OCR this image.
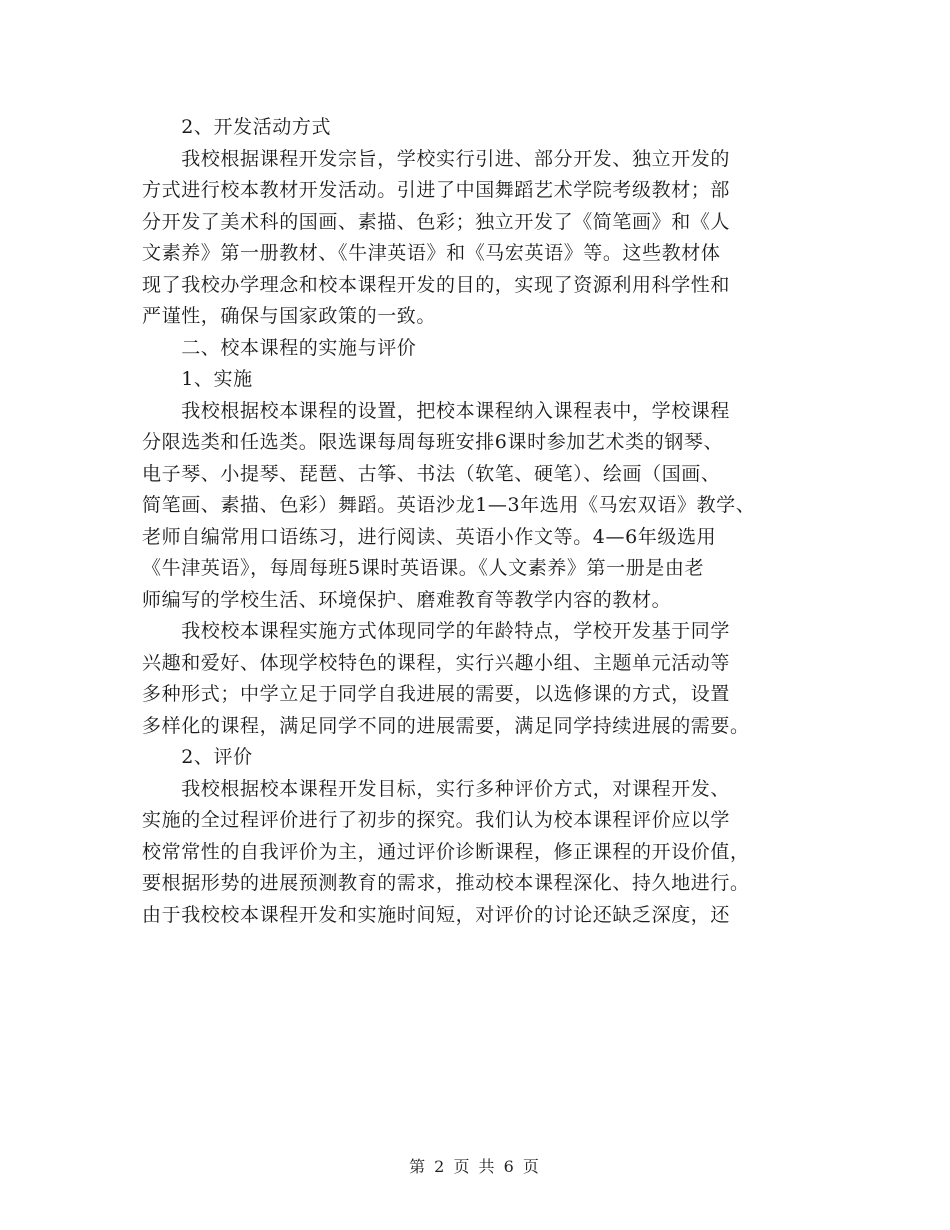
　　2、开发活动方式
　　我校根据课程开发宗旨，学校实行引进、部分开发、独立开发的
方式进行校本教材开发活动。引进了中国舞蹈艺术学院考级教材；部
分开发了美术科的国画、素描、色彩；独立开发了《简笔画》和《人
文素养》第一册教材、《牛津英语》和《马宏英语》等。这些教材体
现了我校办学理念和校本课程开发的目的，实现了资源利用科学性和
严谨性，确保与国家政策的一致。
　　二、校本课程的实施与评价
　　1、实施
　　我校根据校本课程的设置，把校本课程纳入课程表中，学校课程
分限选类和任选类。限选课每周每班安排6课时参加艺术类的钢琴、
电子琴、小提琴、琵琶、古筝、书法（软笔、硬笔）、绘画（国画、
简笔画、素描、色彩）舞蹈。英语沙龙1—3年选用《马宏双语》教学、
老师自编常用口语练习，进行阅读、英语小作文等。4—6年级选用
《牛津英语》，每周每班5课时英语课。《人文素养》第一册是由老
师编写的学校生活、环境保护、磨难教育等教学内容的教材。
　　我校校本课程实施方式体现同学的年龄特点，学校开发基于同学
兴趣和爱好、体现学校特色的课程，实行兴趣小组、主题单元活动等
多种形式；中学立足于同学自我进展的需要，以选修课的方式，设置
多样化的课程，满足同学不同的进展需要，满足同学持续进展的需要。
　　2、评价
　　我校根据校本课程开发目标，实行多种评价方式，对课程开发、
实施的全过程评价进行了初步的探究。我们认为校本课程评价应以学
校常常性的自我评价为主，通过评价诊断课程，修正课程的开设价值，
要根据形势的进展预测教育的需求，推动校本课程深化、持久地进行。
由于我校校本课程开发和实施时间短，对评价的讨论还缺乏深度，还
第 2 页 共 6 页
